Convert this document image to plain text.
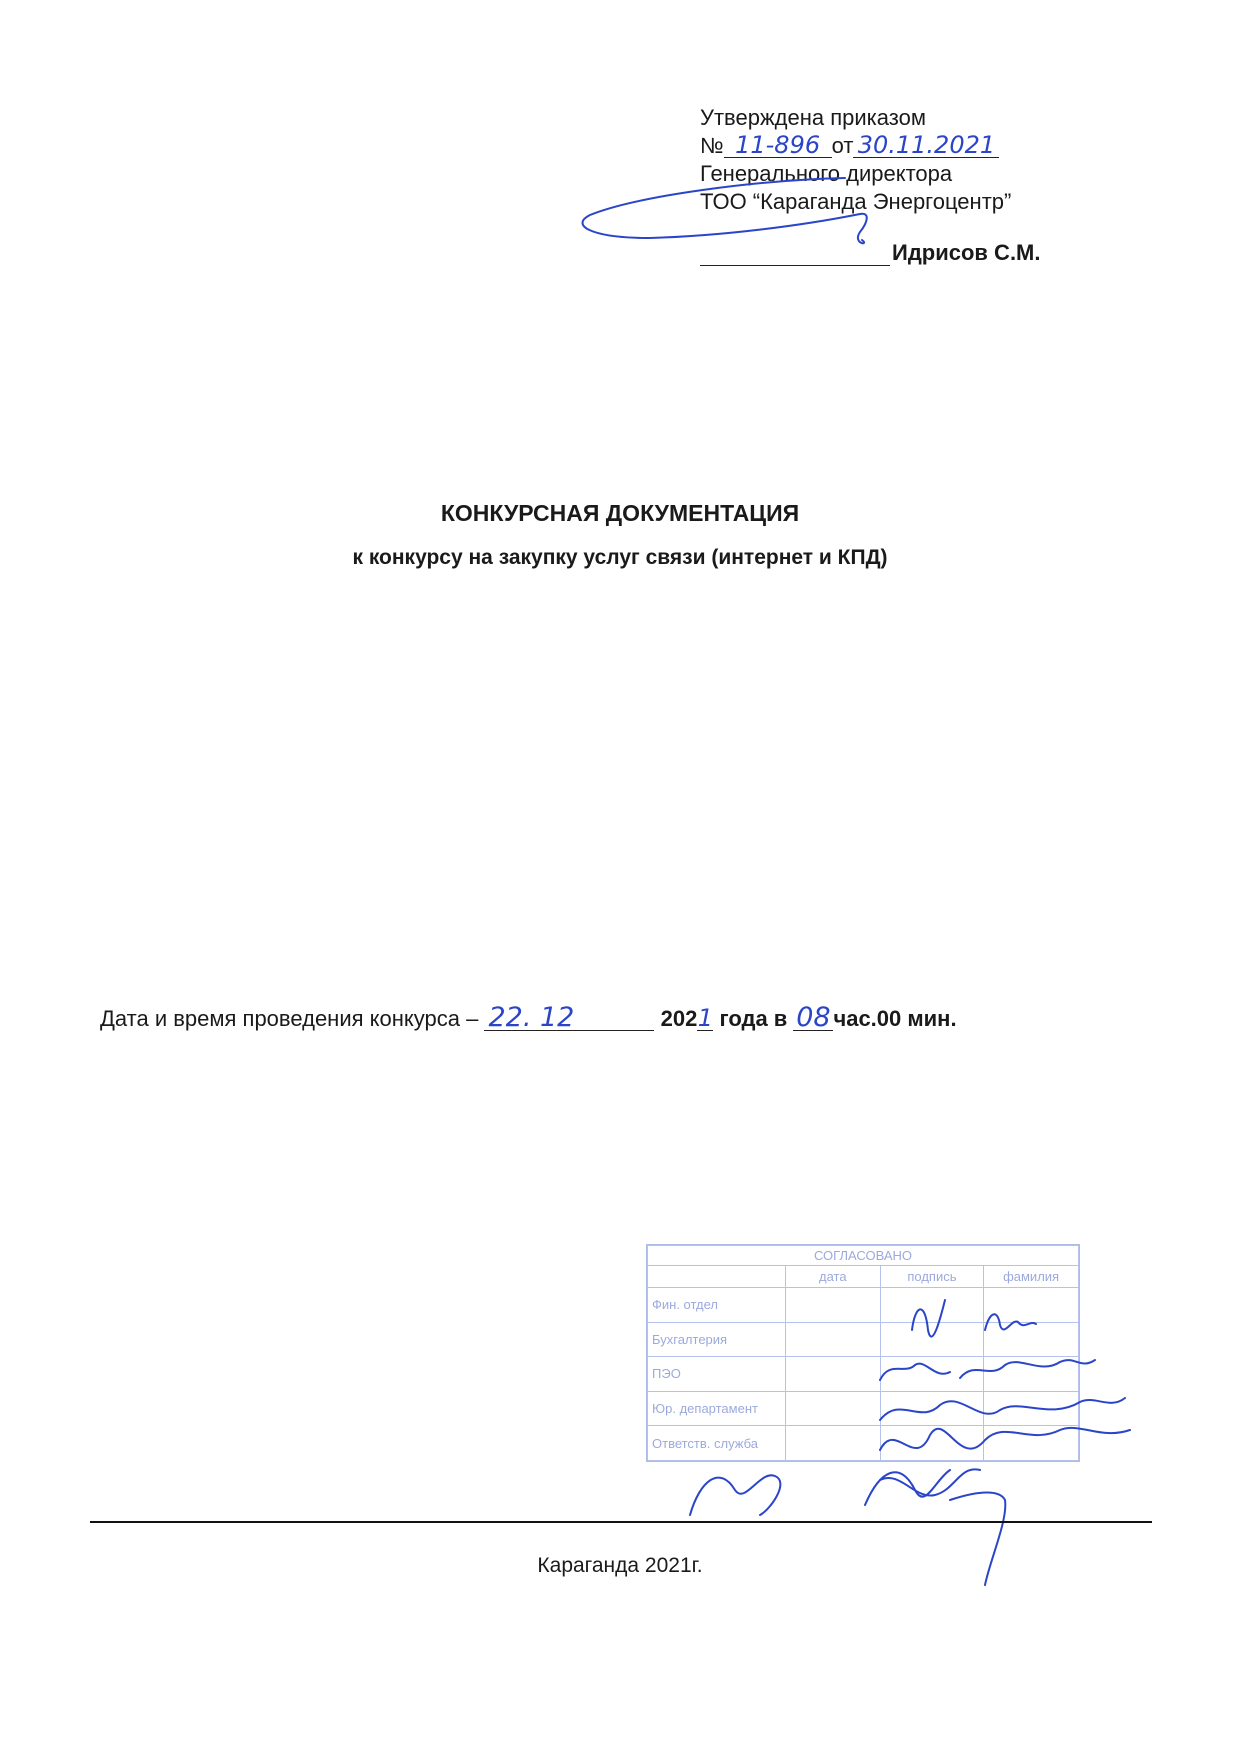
Утверждена приказом
№ 11-896 от 30.11.2021
Генерального директора
ТОО “Караганда Энергоцентр”
Идрисов С.М.
КОНКУРСНАЯ ДОКУМЕНТАЦИЯ
к конкурсу на закупку услуг связи (интернет и КПД)
Дата и время проведения конкурса – 22. 12	2021 года в 08 час.00 мин.
СОГЛАСОВАНО			
	дата	подпись	фамилия
Фин. отдел			
Бухгалтерия			
ПЭО			
Юр. департамент			
Ответств. служба			
Караганда 2021г.
